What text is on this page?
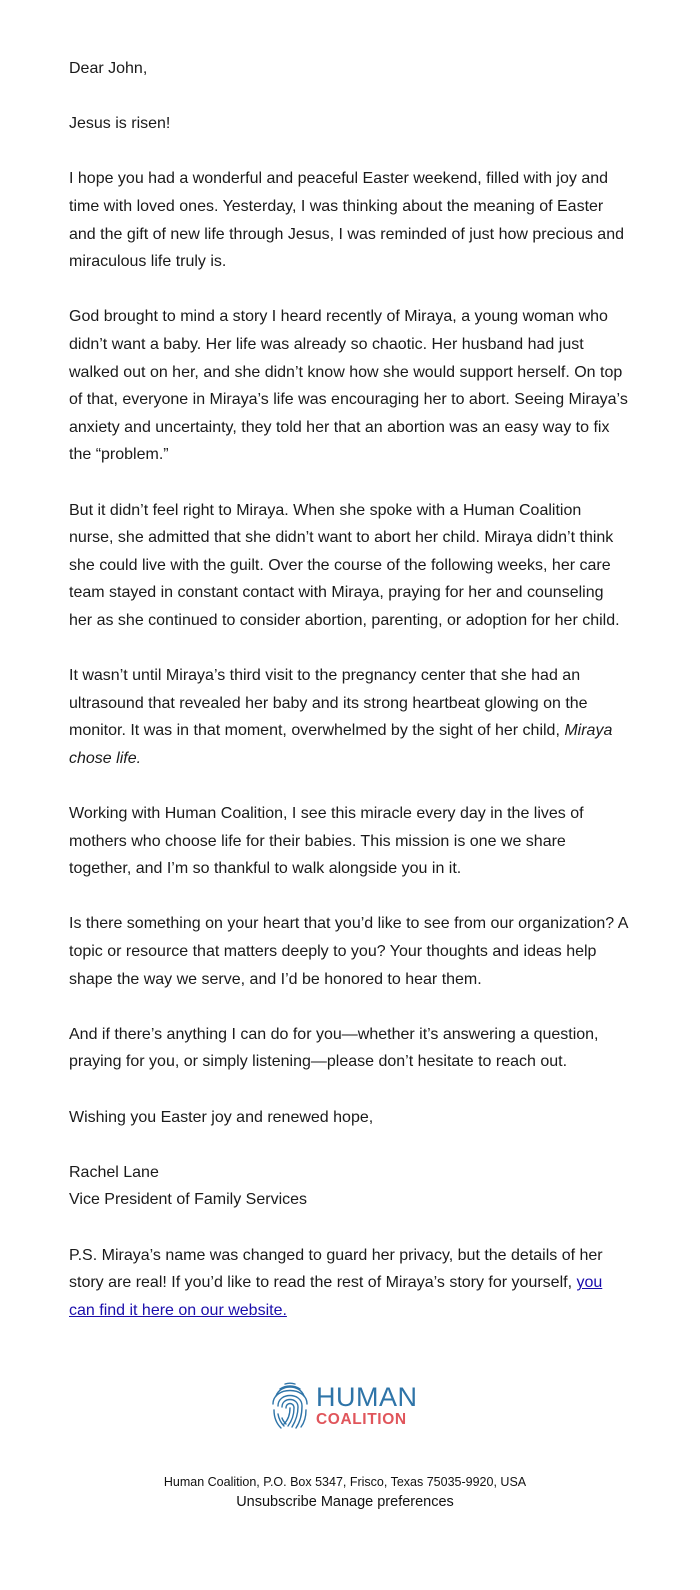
Dear John,

Jesus is risen!

I hope you had a wonderful and peaceful Easter weekend, filled with joy and time with loved ones. Yesterday, I was thinking about the meaning of Easter and the gift of new life through Jesus, I was reminded of just how precious and miraculous life truly is.

God brought to mind a story I heard recently of Miraya, a young woman who didn’t want a baby. Her life was already so chaotic. Her husband had just walked out on her, and she didn’t know how she would support herself. On top of that, everyone in Miraya’s life was encouraging her to abort. Seeing Miraya’s anxiety and uncertainty, they told her that an abortion was an easy way to fix the “problem.”

But it didn’t feel right to Miraya. When she spoke with a Human Coalition nurse, she admitted that she didn’t want to abort her child. Miraya didn’t think she could live with the guilt. Over the course of the following weeks, her care team stayed in constant contact with Miraya, praying for her and counseling her as she continued to consider abortion, parenting, or adoption for her child.

It wasn’t until Miraya’s third visit to the pregnancy center that she had an ultrasound that revealed her baby and its strong heartbeat glowing on the monitor. It was in that moment, overwhelmed by the sight of her child, Miraya chose life.

Working with Human Coalition, I see this miracle every day in the lives of mothers who choose life for their babies. This mission is one we share together, and I’m so thankful to walk alongside you in it.

Is there something on your heart that you’d like to see from our organization? A topic or resource that matters deeply to you? Your thoughts and ideas help shape the way we serve, and I’d be honored to hear them.

And if there’s anything I can do for you—whether it’s answering a question, praying for you, or simply listening—please don’t hesitate to reach out.

Wishing you Easter joy and renewed hope,

Rachel Lane
Vice President of Family Services

P.S. Miraya’s name was changed to guard her privacy, but the details of her story are real! If you’d like to read the rest of Miraya’s story for yourself, you can find it here on our website.

HUMAN
COALITION
Human Coalition, P.O. Box 5347, Frisco, Texas 75035-9920, USA
Unsubscribe Manage preferences
